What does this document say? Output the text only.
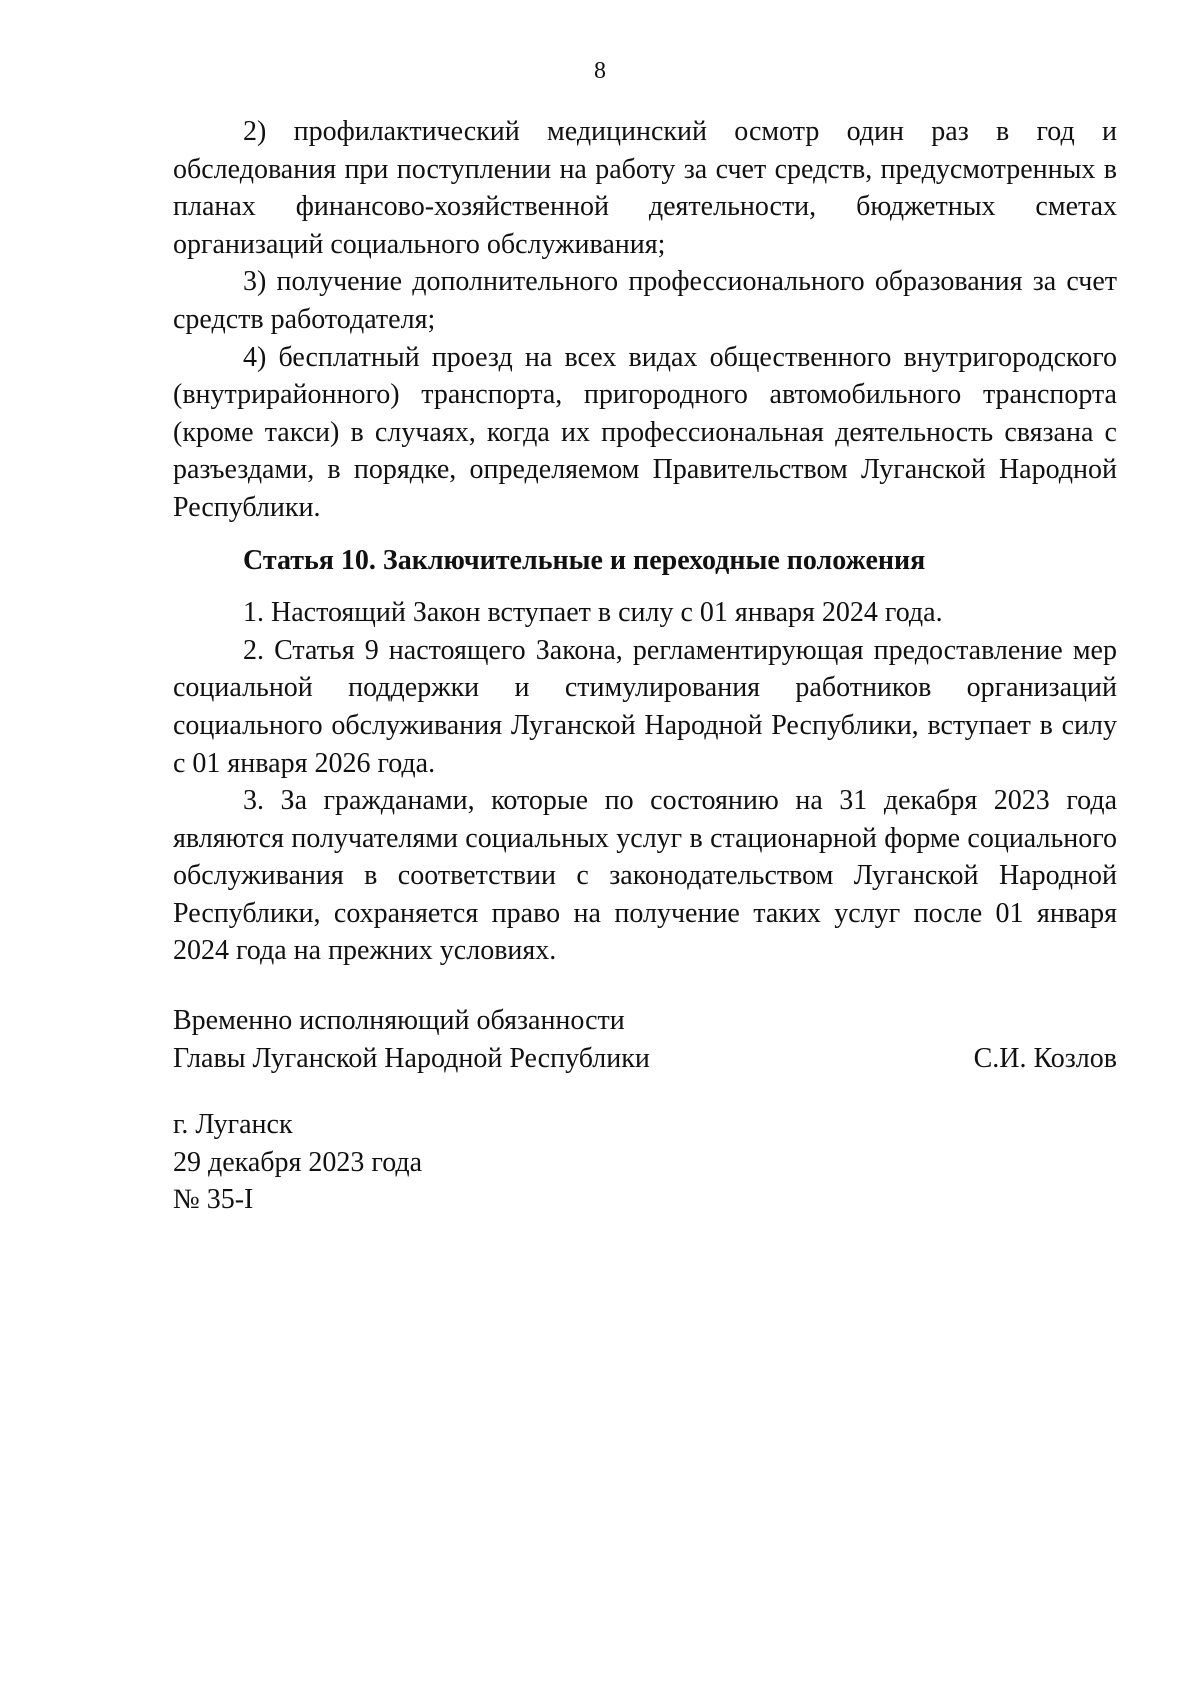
8

2) профилактический медицинский осмотр один раз в год и обследования при поступлении на работу за счет средств, предусмотренных в планах финансово-хозяйственной деятельности, бюджетных сметах организаций социального обслуживания;

3) получение дополнительного профессионального образования за счет средств работодателя;

4) бесплатный проезд на всех видах общественного внутригородского (внутрирайонного) транспорта, пригородного автомобильного транспорта (кроме такси) в случаях, когда их профессиональная деятельность связана с разъездами, в порядке, определяемом Правительством Луганской Народной Республики.

Статья 10. Заключительные и переходные положения

1. Настоящий Закон вступает в силу с 01 января 2024 года.

2. Статья 9 настоящего Закона, регламентирующая предоставление мер социальной поддержки и стимулирования работников организаций социального обслуживания Луганской Народной Республики, вступает в силу с 01 января 2026 года.

3. За гражданами, которые по состоянию на 31 декабря 2023 года являются получателями социальных услуг в стационарной форме социального обслуживания в соответствии с законодательством Луганской Народной Республики, сохраняется право на получение таких услуг после 01 января 2024 года на прежних условиях.

Временно исполняющий обязанности
Главы Луганской Народной Республики	С.И. Козлов
г. Луганск
29 декабря 2023 года
№ 35-I
